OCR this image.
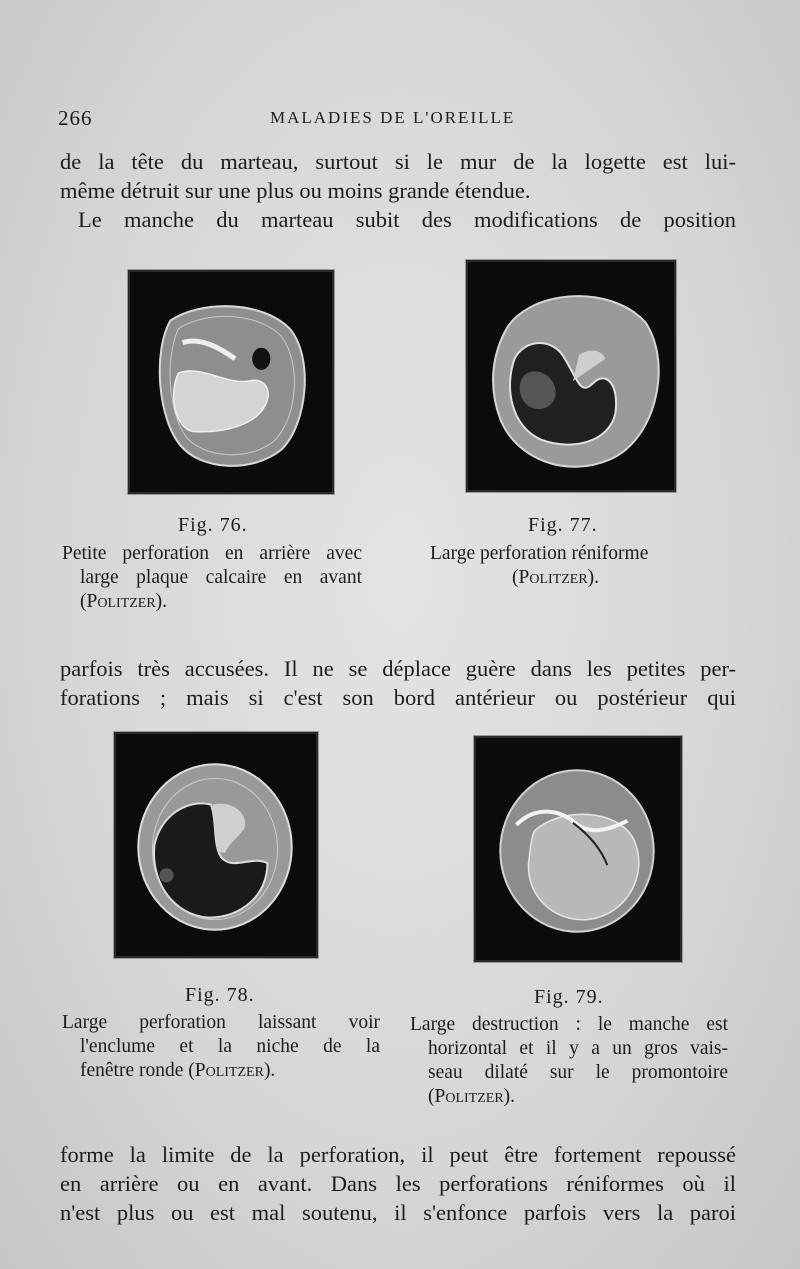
266	MALADIES DE L'OREILLE

de la tête du marteau, surtout si le mur de la logette est lui-
même détruit sur une plus ou moins grande étendue.
Le manche du marteau subit des modifications de position

Fig. 76.
Petite perforation en arrière avec
large plaque calcaire en avant
(Politzer).
Fig. 77.
Large perforation réniforme
(Politzer).

parfois très accusées. Il ne se déplace guère dans les petites per-
forations ; mais si c'est son bord antérieur ou postérieur qui

Fig. 78.
Large perforation laissant voir
l'enclume et la niche de la
fenêtre ronde (Politzer).
Fig. 79.
Large destruction : le manche est
horizontal et il y a un gros vais-
seau dilaté sur le promontoire
(Politzer).

forme la limite de la perforation, il peut être fortement repoussé
en arrière ou en avant. Dans les perforations réniformes où il
n'est plus ou est mal soutenu, il s'enfonce parfois vers la paroi
